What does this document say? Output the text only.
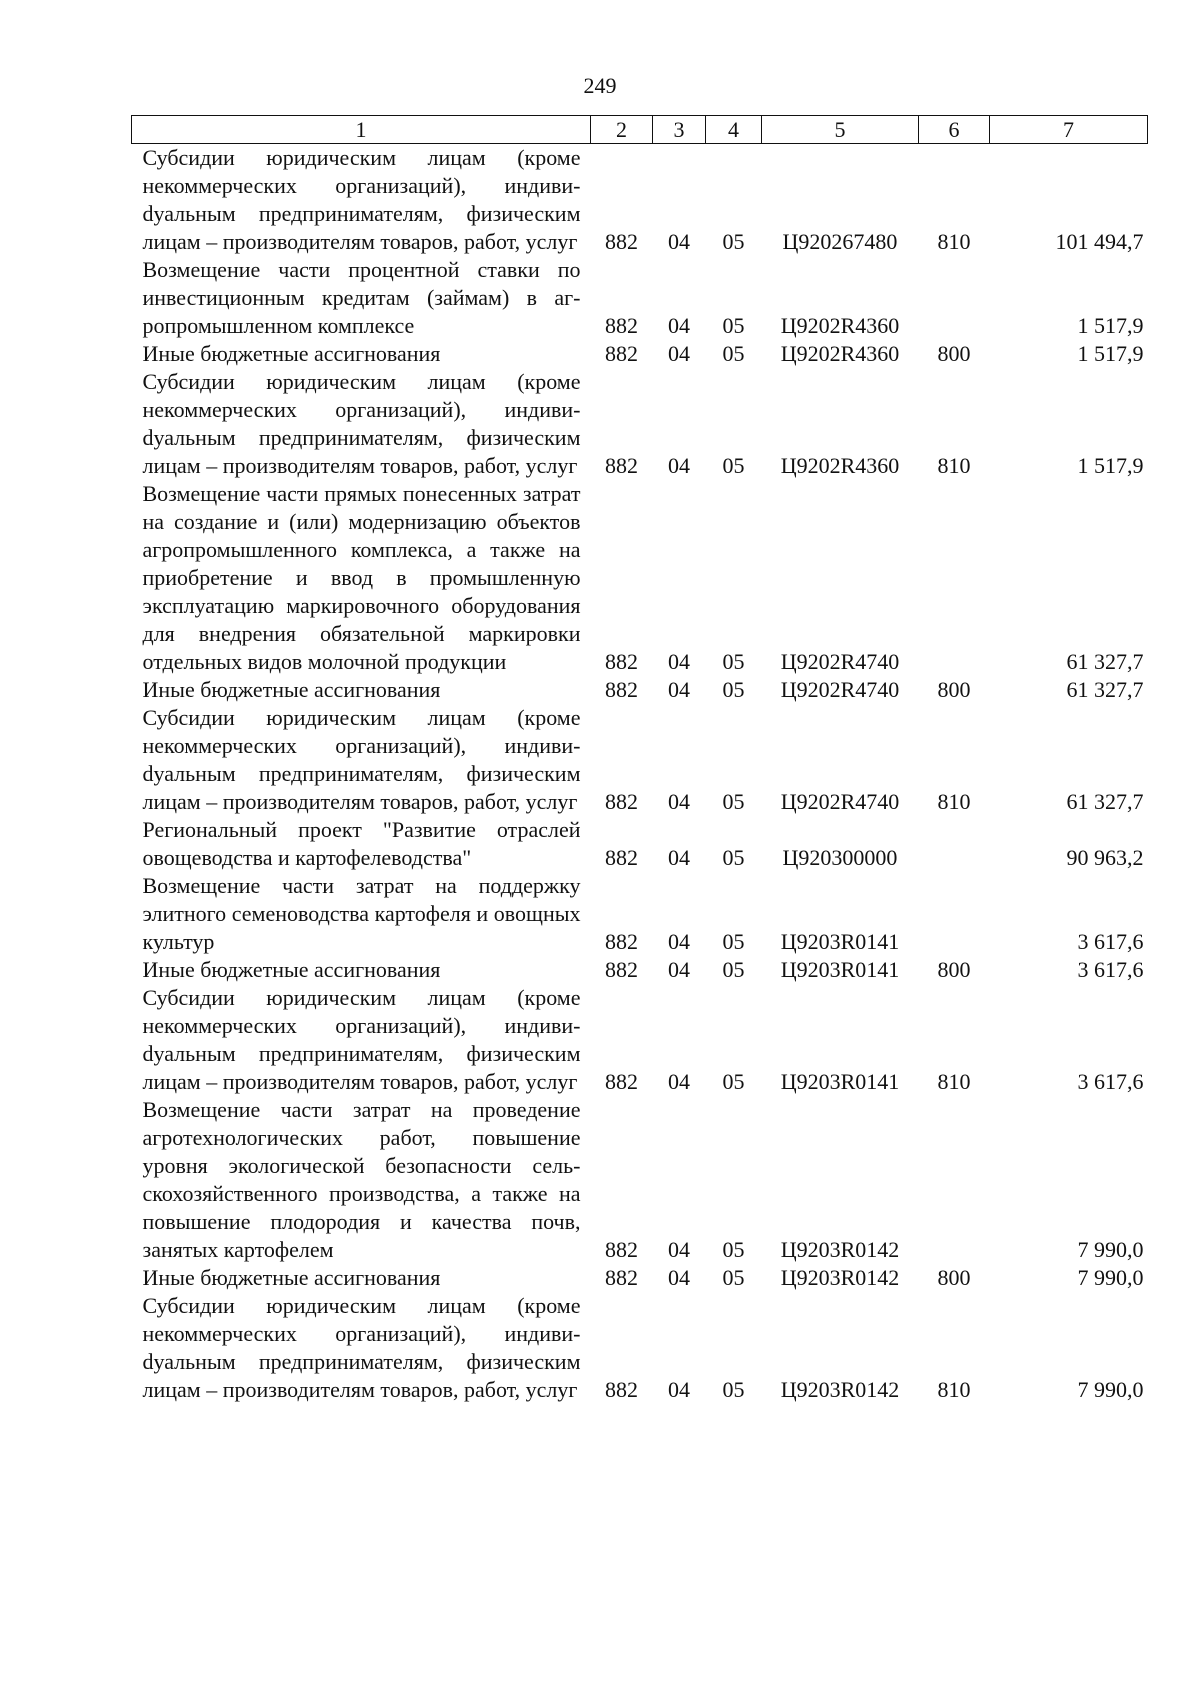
249
1	2	3	4	5	6	7
Субсидии юридическим лицам (кроме некоммерческих организаций), индивиdуальным предпринимателям, физическим лицам – производителям товаров, работ, услуг	882	04	05	Ц920267480	810	101 494,7
Возмещение части процентной ставки по инвестиционным кредитам (займам) в агропромышленном комплексе	882	04	05	Ц9202R4360		1 517,9
Иные бюджетные ассигнования	882	04	05	Ц9202R4360	800	1 517,9
Субсидии юридическим лицам (кроме некоммерческих организаций), индивиdуальным предпринимателям, физическим лицам – производителям товаров, работ, услуг	882	04	05	Ц9202R4360	810	1 517,9
Возмещение части прямых понесенных затрат на создание и (или) модернизацию объектов агропромышленного комплекса, а также на приобретение и ввод в промышленную эксплуатацию маркировочного оборудования для внедрения обязательной маркировки отдельных видов молочной продукции	882	04	05	Ц9202R4740		61 327,7
Иные бюджетные ассигнования	882	04	05	Ц9202R4740	800	61 327,7
Субсидии юридическим лицам (кроме некоммерческих организаций), индивиdуальным предпринимателям, физическим лицам – производителям товаров, работ, услуг	882	04	05	Ц9202R4740	810	61 327,7
Региональный проект "Развитие отраслей овощеводства и картофелеводства"	882	04	05	Ц920300000		90 963,2
Возмещение части затрат на поддержку элитного семеноводства картофеля и овощных культур	882	04	05	Ц9203R0141		3 617,6
Иные бюджетные ассигнования	882	04	05	Ц9203R0141	800	3 617,6
Субсидии юридическим лицам (кроме некоммерческих организаций), индивиdуальным предпринимателям, физическим лицам – производителям товаров, работ, услуг	882	04	05	Ц9203R0141	810	3 617,6
Возмещение части затрат на проведение агротехнологических работ, повышение уровня экологической безопасности сельскохозяйственного производства, а также на повышение плодородия и качества почв, занятых картофелем	882	04	05	Ц9203R0142		7 990,0
Иные бюджетные ассигнования	882	04	05	Ц9203R0142	800	7 990,0
Субсидии юридическим лицам (кроме некоммерческих организаций), индивиdуальным предпринимателям, физическим лицам – производителям товаров, работ, услуг	882	04	05	Ц9203R0142	810	7 990,0
